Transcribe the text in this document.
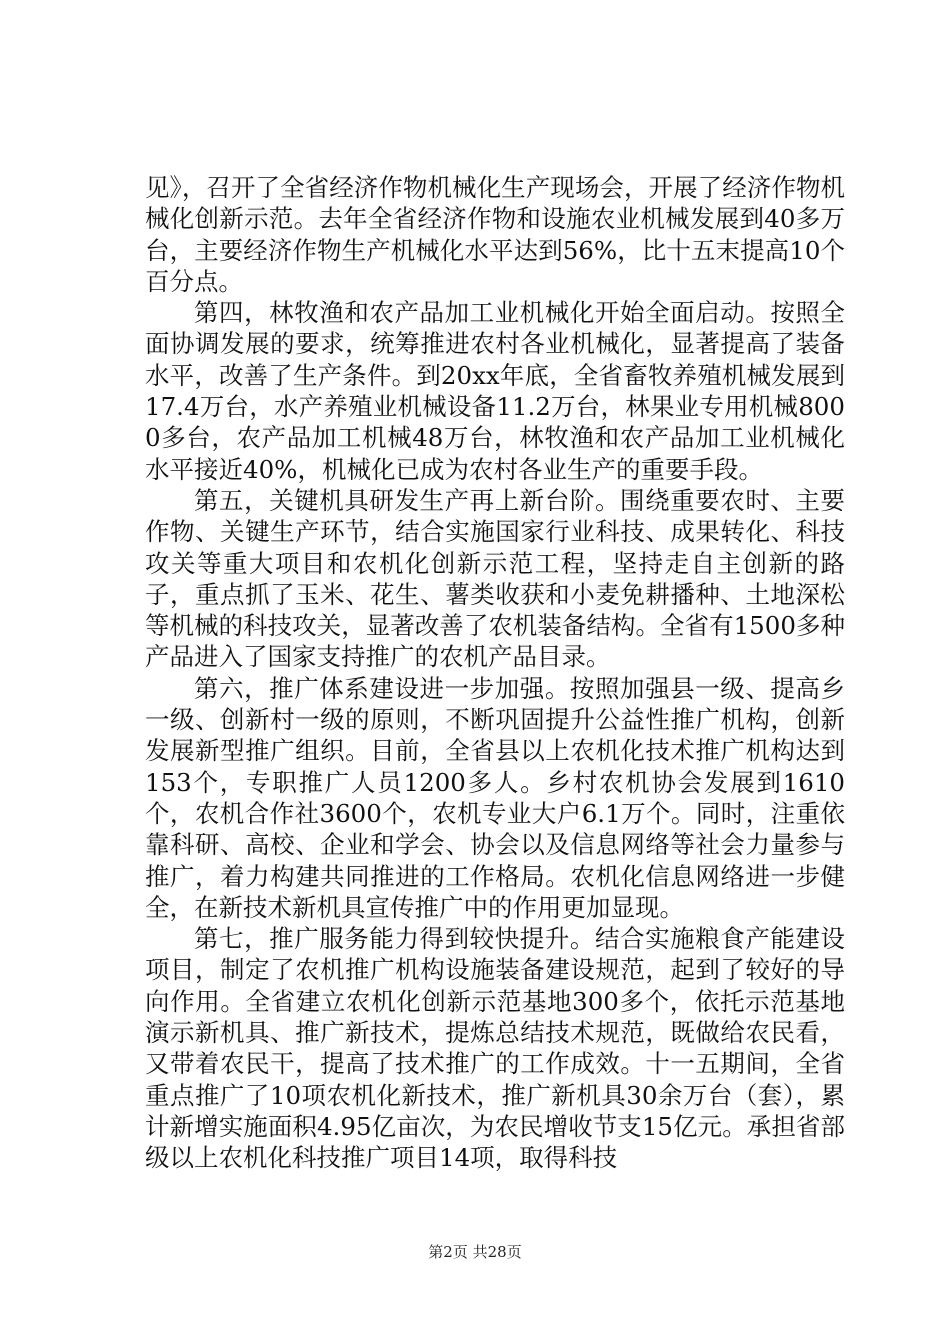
见》，召开了全省经济作物机械化生产现场会，开展了经济作物机械化创新示范。去年全省经济作物和设施农业机械发展到40多万台，主要经济作物生产机械化水平达到56%，比十五末提高10个百分点。

第四，林牧渔和农产品加工业机械化开始全面启动。按照全面协调发展的要求，统筹推进农村各业机械化，显著提高了装备水平，改善了生产条件。到20xx年底，全省畜牧养殖机械发展到17.4万台，水产养殖业机械设备11.2万台，林果业专用机械8000多台，农产品加工机械48万台，林牧渔和农产品加工业机械化水平接近40%，机械化已成为农村各业生产的重要手段。

第五，关键机具研发生产再上新台阶。围绕重要农时、主要作物、关键生产环节，结合实施国家行业科技、成果转化、科技攻关等重大项目和农机化创新示范工程，坚持走自主创新的路子，重点抓了玉米、花生、薯类收获和小麦免耕播种、土地深松等机械的科技攻关，显著改善了农机装备结构。全省有1500多种产品进入了国家支持推广的农机产品目录。

第六，推广体系建设进一步加强。按照加强县一级、提高乡一级、创新村一级的原则，不断巩固提升公益性推广机构，创新发展新型推广组织。目前，全省县以上农机化技术推广机构达到153个，专职推广人员1200多人。乡村农机协会发展到1610个，农机合作社3600个，农机专业大户6.1万个。同时，注重依靠科研、高校、企业和学会、协会以及信息网络等社会力量参与推广，着力构建共同推进的工作格局。农机化信息网络进一步健全，在新技术新机具宣传推广中的作用更加显现。

第七，推广服务能力得到较快提升。结合实施粮食产能建设项目，制定了农机推广机构设施装备建设规范，起到了较好的导向作用。全省建立农机化创新示范基地300多个，依托示范基地演示新机具、推广新技术，提炼总结技术规范，既做给农民看，又带着农民干，提高了技术推广的工作成效。十一五期间，全省重点推广了10项农机化新技术，推广新机具30余万台（套），累计新增实施面积4.95亿亩次，为农民增收节支15亿元。承担省部级以上农机化科技推广项目14项，取得科技

第2页 共28页
